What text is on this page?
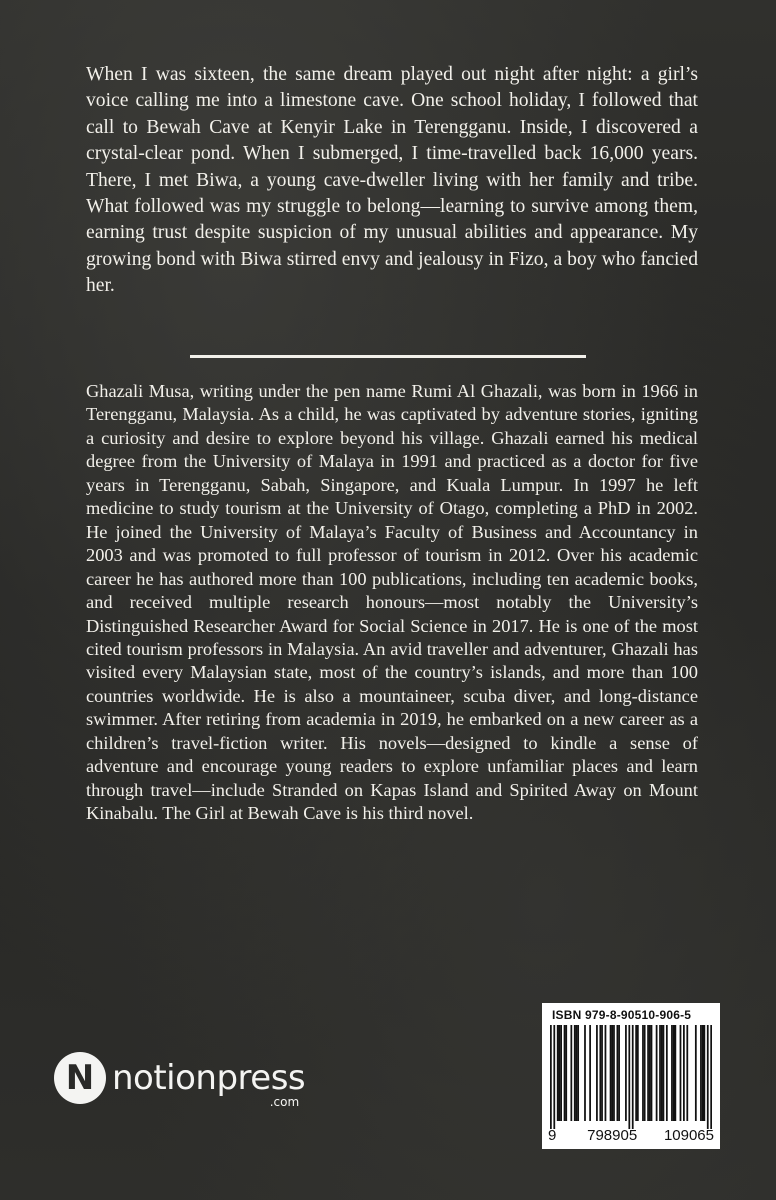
When I was sixteen, the same dream played out night after night: a girl’s voice calling me into a limestone cave. One school holiday, I followed that call to Bewah Cave at Kenyir Lake in Terengganu. Inside, I discovered a crystal-clear pond. When I submerged, I time-travelled back 16,000 years. There, I met Biwa, a young cave-dweller living with her family and tribe. What followed was my struggle to belong—learning to survive among them, earning trust despite suspicion of my unusual abilities and appearance. My growing bond with Biwa stirred envy and jealousy in Fizo, a boy who fancied her.

Ghazali Musa, writing under the pen name Rumi Al Ghazali, was born in 1966 in Terengganu, Malaysia. As a child, he was captivated by adventure stories, igniting a curiosity and desire to explore beyond his village. Ghazali earned his medical degree from the University of Malaya in 1991 and practiced as a doctor for five years in Terengganu, Sabah, Singapore, and Kuala Lumpur. In 1997 he left medicine to study tourism at the University of Otago, completing a PhD in 2002. He joined the University of Malaya’s Faculty of Business and Accountancy in 2003 and was promoted to full professor of tourism in 2012. Over his academic career he has authored more than 100 publications, including ten academic books, and received multiple research honours—most notably the University’s Distinguished Researcher Award for Social Science in 2017. He is one of the most cited tourism professors in Malaysia. An avid traveller and adventurer, Ghazali has visited every Malaysian state, most of the country’s islands, and more than 100 countries worldwide. He is also a mountaineer, scuba diver, and long-distance swimmer. After retiring from academia in 2019, he embarked on a new career as a children’s travel-fiction writer. His novels—designed to kindle a sense of adventure and encourage young readers to explore unfamiliar places and learn through travel—include Stranded on Kapas Island and Spirited Away on Mount Kinabalu. The Girl at Bewah Cave is his third novel.

N notionpress
.com
ISBN 979-8-90510-906-5
9 798905 109065
